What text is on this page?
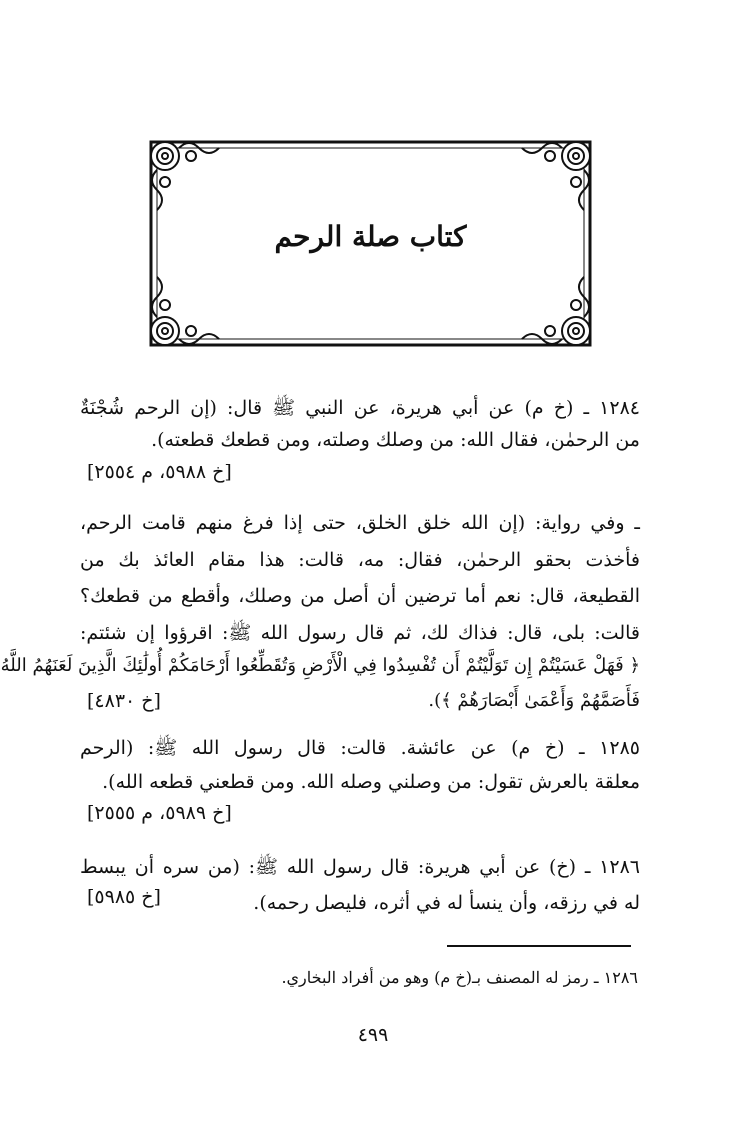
كتاب صلة الرحم
١٢٨٤ ـ (خ م) عن أبي هريرة، عن النبي ﷺ قال: (إن الرحم شُجْنَةٌ
من الرحمٰن، فقال الله: من وصلك وصلته، ومن قطعك قطعته).
[خ ٥٩٨٨، م ٢٥٥٤]
ـ وفي رواية: (إن الله خلق الخلق، حتى إذا فرغ منهم قامت الرحم،
فأخذت بحقو الرحمٰن، فقال: مه، قالت: هذا مقام العائذ بك من
القطيعة، قال: نعم أما ترضين أن أصل من وصلك، وأقطع من قطعك؟
قالت: بلى، قال: فذاك لك، ثم قال رسول الله ﷺ: اقرؤوا إن شئتم:
﴿ فَهَلْ عَسَيْتُمْ إِن تَوَلَّيْتُمْ أَن تُفْسِدُوا فِي الْأَرْضِ وَتُقَطِّعُوا أَرْحَامَكُمْ أُولَٰئِكَ الَّذِينَ لَعَنَهُمُ اللَّهُ
فَأَصَمَّهُمْ وَأَعْمَىٰ أَبْصَارَهُمْ ﴾).
[خ ٤٨٣٠]
١٢٨٥ ـ (خ م) عن عائشة. قالت: قال رسول الله ﷺ: (الرحم
معلقة بالعرش تقول: من وصلني وصله الله. ومن قطعني قطعه الله).
[خ ٥٩٨٩، م ٢٥٥٥]
١٢٨٦ ـ (خ) عن أبي هريرة: قال رسول الله ﷺ: (من سره أن يبسط
له في رزقه، وأن ينسأ له في أثره، فليصل رحمه).
[خ ٥٩٨٥]
١٢٨٦ ـ رمز له المصنف بـ(خ م) وهو من أفراد البخاري.
٤٩٩
